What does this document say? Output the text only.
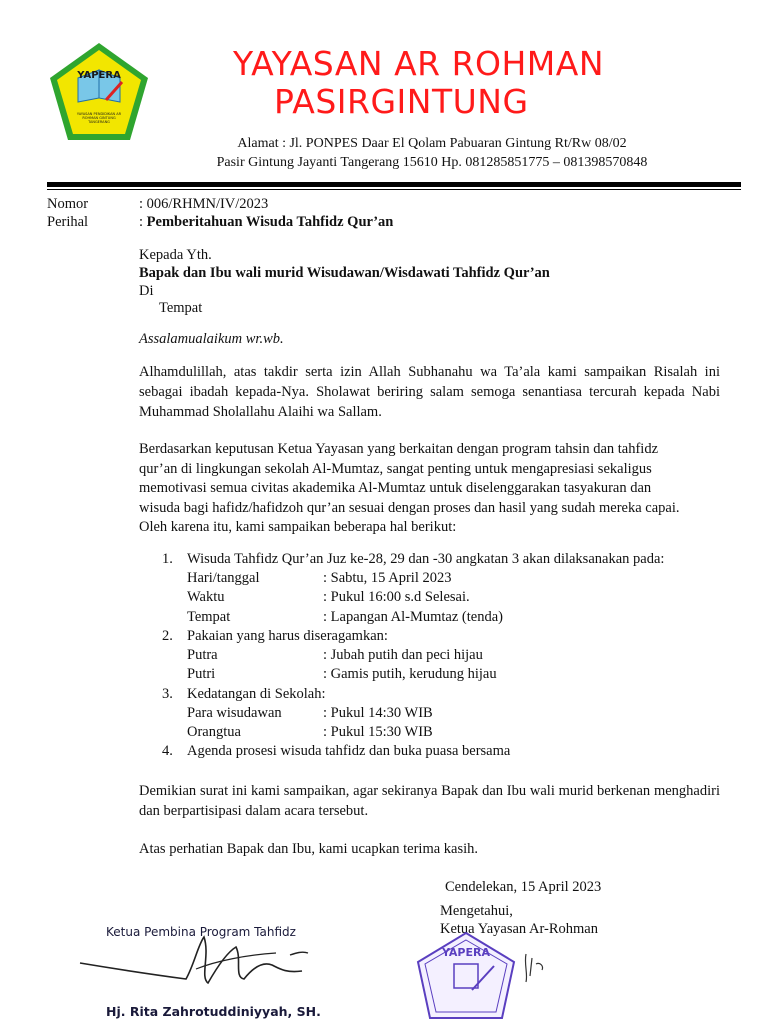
YAPERA
YAYASAN PENDIDIKAN AR ROHMAN GINTUNG TANGERANG
YAYASAN AR ROHMAN
PASIRGINTUNG
Alamat : Jl. PONPES Daar El Qolam Pabuaran Gintung Rt/Rw 08/02
Pasir Gintung Jayanti Tangerang 15610 Hp. 081285851775 – 081398570848
Nomor	: 006/RHMN/IV/2023
Perihal	: Pemberitahuan Wisuda Tahfidz Qur’an
Kepada Yth.
Bapak dan Ibu wali murid Wisudawan/Wisdawati Tahfidz Qur’an
Di
Tempat
Assalamualaikum wr.wb.
Alhamdulillah, atas takdir serta izin Allah Subhanahu wa Ta’ala kami sampaikan Risalah ini sebagai ibadah kepada-Nya. Sholawat beriring salam semoga senantiasa tercurah kepada Nabi Muhammad Sholallahu Alaihi wa Sallam.
Berdasarkan keputusan Ketua Yayasan yang berkaitan dengan program tahsin dan tahfidz
qur’an di lingkungan sekolah Al-Mumtaz, sangat penting untuk mengapresiasi sekaligus
memotivasi semua civitas akademika Al-Mumtaz untuk diselenggarakan tasyakuran dan
wisuda bagi hafidz/hafidzoh qur’an sesuai dengan proses dan hasil yang sudah mereka capai.
Oleh karena itu, kami sampaikan beberapa hal berikut:
1. Wisuda Tahfidz Qur’an Juz ke-28, 29 dan -30 angkatan 3 akan dilaksanakan pada:
Hari/tanggal	: Sabtu, 15 April 2023
Waktu	: Pukul 16:00 s.d Selesai.
Tempat	: Lapangan Al-Mumtaz (tenda)
2. Pakaian yang harus diseragamkan:
Putra	: Jubah putih dan peci hijau
Putri	: Gamis putih, kerudung hijau
3. Kedatangan di Sekolah:
Para wisudawan	: Pukul 14:30 WIB
Orangtua	: Pukul 15:30 WIB
4. Agenda prosesi wisuda tahfidz dan buka puasa bersama
Demikian surat ini kami sampaikan, agar sekiranya Bapak dan Ibu wali murid berkenan menghadiri dan berpartisipasi dalam acara tersebut.
Atas perhatian Bapak dan Ibu, kami ucapkan terima kasih.
Cendelekan, 15 April 2023
Mengetahui,
Ketua Yayasan Ar-Rohman
Ketua Pembina Program Tahfidz
Hj. Rita Zahrotuddiniyyah, SH.
YAPERA
